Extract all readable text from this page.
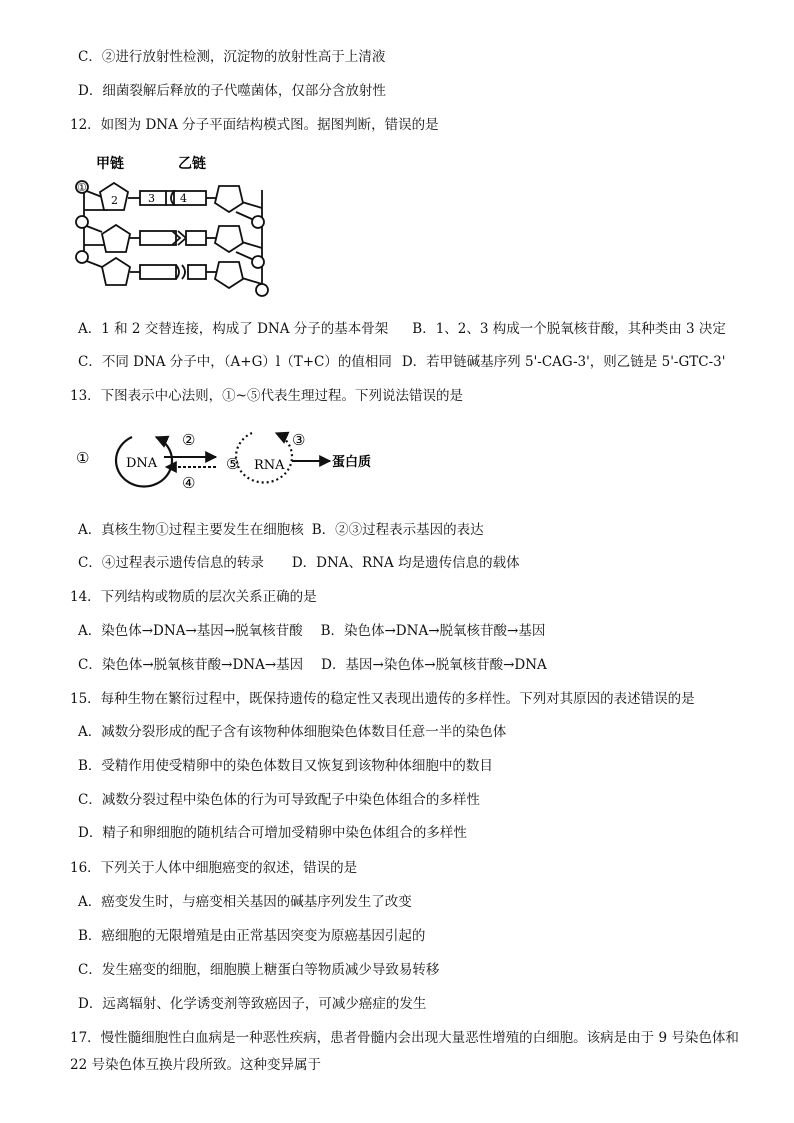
C．②进行放射性检测，沉淀物的放射性高于上清液
D．细菌裂解后释放的子代噬菌体，仅部分含放射性
12．如图为 DNA 分子平面结构模式图。据图判断，错误的是
甲链	乙链
①
2	3 4
A．1 和 2 交替连接，构成了 DNA 分子的基本骨架 B．1、2、3 构成一个脱氧核苷酸，其种类由 3 决定
C．不同 DNA 分子中，（A+G）l（T+C）的值相同 D．若甲链碱基序列 5'-CAG-3'，则乙链是 5'-GTC-3'
13．下图表示中心法则，①~⑤代表生理过程。下列说法错误的是
①	DNA
②
④
⑤ RNA
③
蛋白质
A．真核生物①过程主要发生在细胞核 B．②③过程表示基因的表达
C．④过程表示遗传信息的转录 D．DNA、RNA 均是遗传信息的载体
14．下列结构或物质的层次关系正确的是
A．染色体→DNA→基因→脱氧核苷酸 B．染色体→DNA→脱氧核苷酸→基因
C．染色体→脱氧核苷酸→DNA→基因 D．基因→染色体→脱氧核苷酸→DNA
15．每种生物在繁衍过程中，既保持遗传的稳定性又表现出遗传的多样性。下列对其原因的表述错误的是
A．减数分裂形成的配子含有该物种体细胞染色体数目任意一半的染色体
B．受精作用使受精卵中的染色体数目又恢复到该物种体细胞中的数目
C．减数分裂过程中染色体的行为可导致配子中染色体组合的多样性
D．精子和卵细胞的随机结合可增加受精卵中染色体组合的多样性
16．下列关于人体中细胞癌变的叙述，错误的是
A．癌变发生时，与癌变相关基因的碱基序列发生了改变
B．癌细胞的无限增殖是由正常基因突变为原癌基因引起的
C．发生癌变的细胞，细胞膜上糖蛋白等物质减少导致易转移
D．远离辐射、化学诱变剂等致癌因子，可减少癌症的发生
17．慢性髓细胞性白血病是一种恶性疾病，患者骨髓内会出现大量恶性增殖的白细胞。该病是由于 9 号染色体和
22 号染色体互换片段所致。这种变异属于
